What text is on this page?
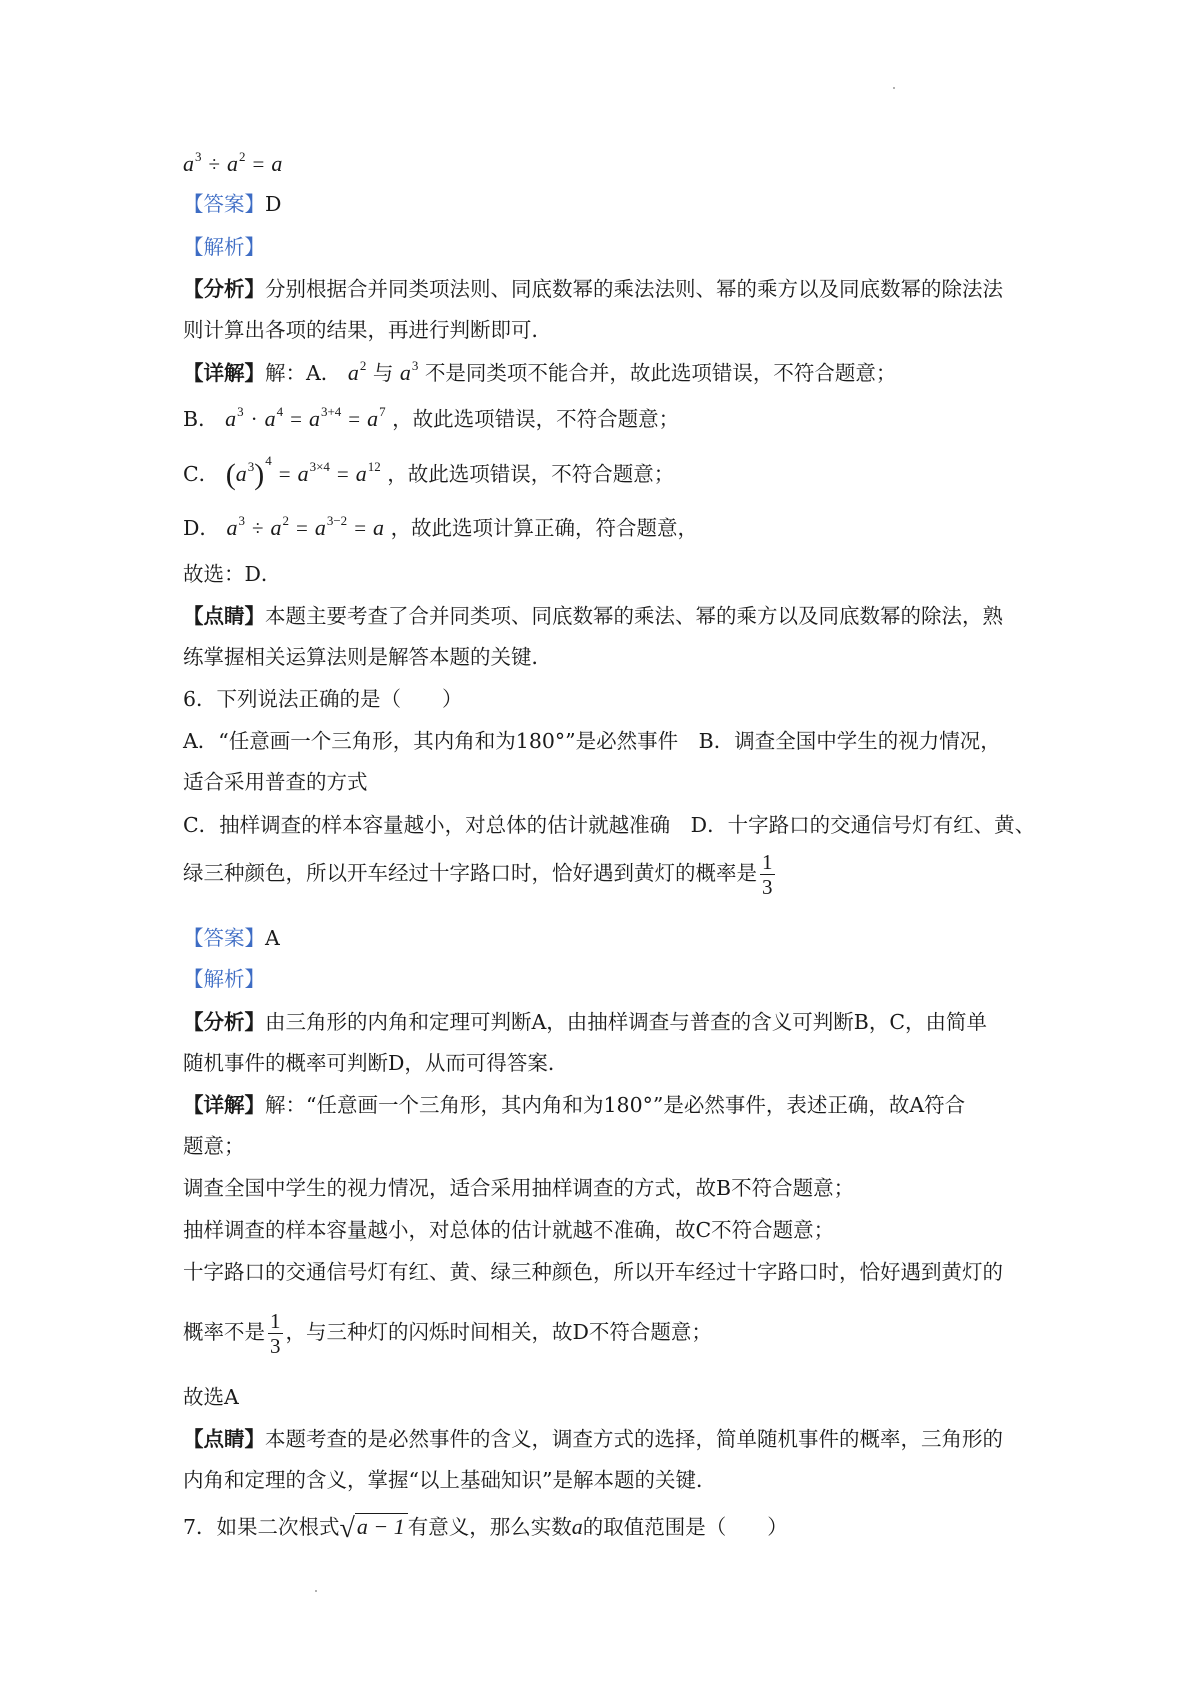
$a^3 \div a^2 = a$
【答案】D
【解析】
【分析】分别根据合并同类项法则、同底数幂的乘法法则、幂的乘方以及同底数幂的除法法
则计算出各项的结果，再进行判断即可．
【详解】解：A． $a^2$ 与 $a^3$ 不是同类项不能合并，故此选项错误，不符合题意；
B． $a^3 \cdot a^4 = a^{3+4} = a^7$ ，故此选项错误，不符合题意；
C． $(a^3)^4= a^{3\times 4} = a^{12}$ ，故此选项错误，不符合题意；
D． $a^3 \div a^2 = a^{3-2} = a$ ，故此选项计算正确，符合题意，
故选：D．
【点睛】本题主要考查了合并同类项、同底数幂的乘法、幂的乘方以及同底数幂的除法，熟
练掌握相关运算法则是解答本题的关键．
6．下列说法正确的是（　　）
A．“任意画一个三角形，其内角和为180°”是必然事件　B．调查全国中学生的视力情况，
适合采用普查的方式
C．抽样调查的样本容量越小，对总体的估计就越准确　D．十字路口的交通信号灯有红、黄、
绿三种颜色，所以开车经过十字路口时，恰好遇到黄灯的概率是 $\frac{1}{3}$
【答案】A
【解析】
【分析】由三角形的内角和定理可判断A，由抽样调查与普查的含义可判断B，C，由简单
随机事件的概率可判断D，从而可得答案．
【详解】解：“任意画一个三角形，其内角和为180°”是必然事件，表述正确，故A符合
题意；
调查全国中学生的视力情况，适合采用抽样调查的方式，故B不符合题意；
抽样调查的样本容量越小，对总体的估计就越不准确，故C不符合题意；
十字路口的交通信号灯有红、黄、绿三种颜色，所以开车经过十字路口时，恰好遇到黄灯的
概率不是 $\frac{1}{3}$ ，与三种灯的闪烁时间相关，故D不符合题意；
故选A
【点睛】本题考查的是必然事件的含义，调查方式的选择，简单随机事件的概率，三角形的
内角和定理的含义，掌握“以上基础知识”是解本题的关键．
7．如果二次根式√a − 1 有意义，那么实数a的取值范围是（　　）
